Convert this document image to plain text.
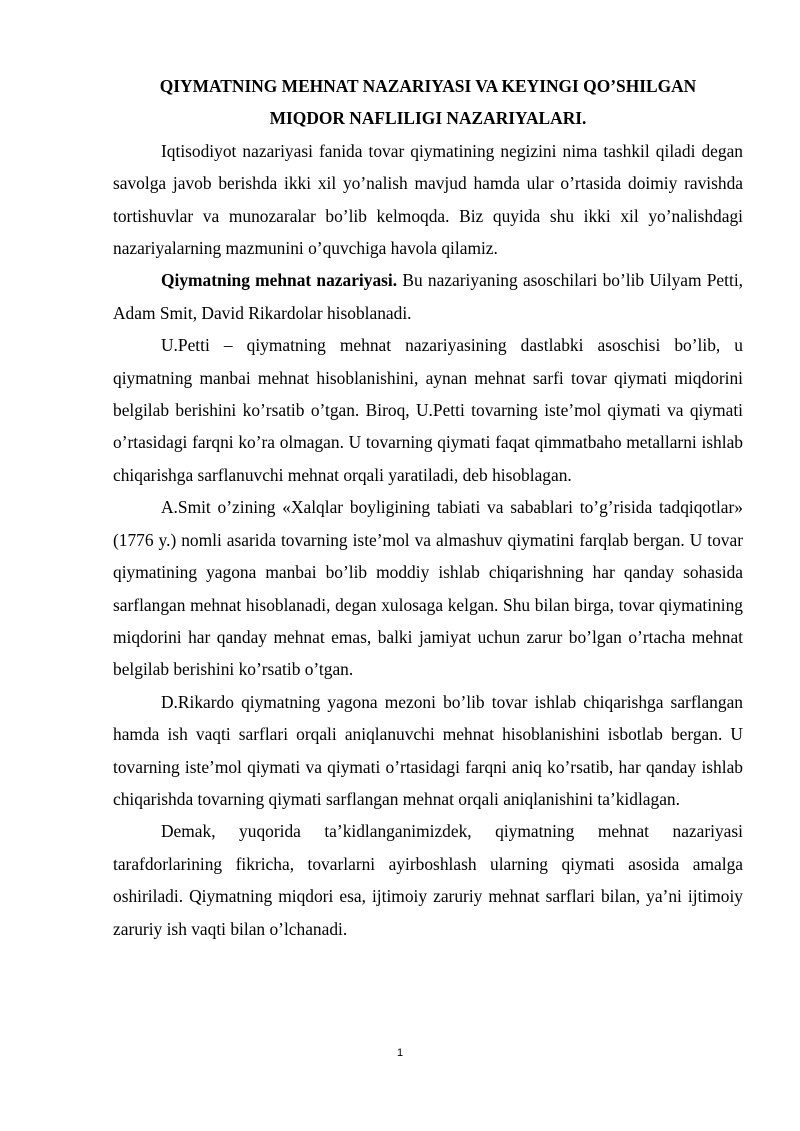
QIYMATNING MEHNAT NAZARIYASI VA KEYINGI QO’SHILGAN
MIQDOR NAFLILIGI NAZARIYALARI.

Iqtisodiyot nazariyasi fanida tovar qiymatining negizini nima tashkil qiladi degan savolga javob berishda ikki xil yo’nalish mavjud hamda ular o’rtasida doimiy ravishda tortishuvlar va munozaralar bo’lib kelmoqda. Biz quyida shu ikki xil yo’nalishdagi nazariyalarning mazmunini o’quvchiga havola qilamiz.

Qiymatning mehnat nazariyasi. Bu nazariyaning asoschilari bo’lib Uilyam Petti, Adam Smit, David Rikardolar hisoblanadi.

U.Petti – qiymatning mehnat nazariyasining dastlabki asoschisi bo’lib, u qiymatning manbai mehnat hisoblanishini, aynan mehnat sarfi tovar qiymati miqdorini belgilab berishini ko’rsatib o’tgan. Biroq, U.Petti tovarning iste’mol qiymati va qiymati o’rtasidagi farqni ko’ra olmagan. U tovarning qiymati faqat qimmatbaho metallarni ishlab chiqarishga sarflanuvchi mehnat orqali yaratiladi, deb hisoblagan.

A.Smit o’zining «Xalqlar boyligining tabiati va sabablari to’g’risida tadqiqotlar» (1776 y.) nomli asarida tovarning iste’mol va almashuv qiymatini farqlab bergan. U tovar qiymatining yagona manbai bo’lib moddiy ishlab chiqarishning har qanday sohasida sarflangan mehnat hisoblanadi, degan xulosaga kelgan. Shu bilan birga, tovar qiymatining miqdorini har qanday mehnat emas, balki jamiyat uchun zarur bo’lgan o’rtacha mehnat belgilab berishini ko’rsatib o’tgan.

D.Rikardo qiymatning yagona mezoni bo’lib tovar ishlab chiqarishga sarflangan hamda ish vaqti sarflari orqali aniqlanuvchi mehnat hisoblanishini isbotlab bergan. U tovarning iste’mol qiymati va qiymati o’rtasidagi farqni aniq ko’rsatib, har qanday ishlab chiqarishda tovarning qiymati sarflangan mehnat orqali aniqlanishini ta’kidlagan.

Demak, yuqorida ta’kidlanganimizdek, qiymatning mehnat nazariyasi tarafdorlarining fikricha, tovarlarni ayirboshlash ularning qiymati asosida amalga oshiriladi. Qiymatning miqdori esa, ijtimoiy zaruriy mehnat sarflari bilan, ya’ni ijtimoiy zaruriy ish vaqti bilan o’lchanadi.

1
